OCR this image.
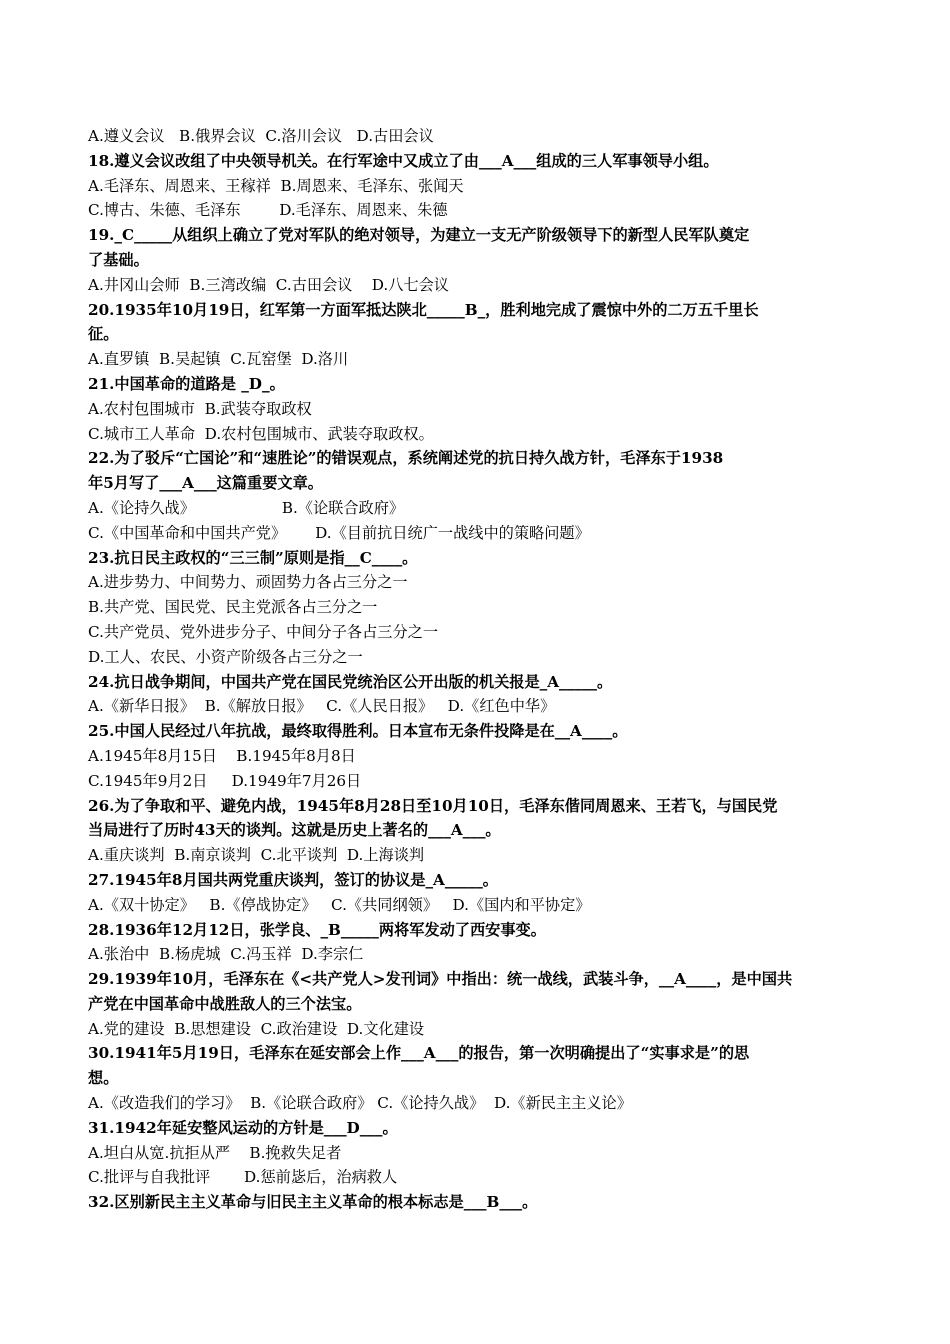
A.遵义会议   B.俄界会议  C.洛川会议   D.古田会议
18.遵义会议改组了中央领导机关。在行军途中又成立了由___A___组成的三人军事领导小组。
A.毛泽东、周恩来、王稼祥  B.周恩来、毛泽东、张闻天
C.博古、朱德、毛泽东        D.毛泽东、周恩来、朱德
19._C_____从组织上确立了党对军队的绝对领导，为建立一支无产阶级领导下的新型人民军队奠定
了基础。
A.井冈山会师  B.三湾改编  C.古田会议    D.八七会议
20.1935年10月19日，红军第一方面军抵达陕北_____B_，胜利地完成了震惊中外的二万五千里长
征。
A.直罗镇  B.吴起镇  C.瓦窑堡  D.洛川
21.中国革命的道路是 _D_。
A.农村包围城市  B.武装夺取政权
C.城市工人革命  D.农村包围城市、武装夺取政权。
22.为了驳斥“亡国论”和“速胜论”的错误观点，系统阐述党的抗日持久战方针，毛泽东于1938
年5月写了___A___这篇重要文章。
A.《论持久战》                  B.《论联合政府》
C.《中国革命和中国共产党》      D.《目前抗日统广一战线中的策略问题》
23.抗日民主政权的“三三制”原则是指__C____。
A.进步势力、中间势力、顽固势力各占三分之一
B.共产党、国民党、民主党派各占三分之一
C.共产党员、党外进步分子、中间分子各占三分之一
D.工人、农民、小资产阶级各占三分之一
24.抗日战争期间，中国共产党在国民党统治区公开出版的机关报是_A_____。
A.《新华日报》  B.《解放日报》   C.《人民日报》   D.《红色中华》
25.中国人民经过八年抗战，最终取得胜利。日本宣布无条件投降是在__A____。
A.1945年8月15日    B.1945年8月8日
C.1945年9月2日     D.1949年7月26日
26.为了争取和平、避免内战，1945年8月28日至10月10日，毛泽东偕同周恩来、王若飞，与国民党
当局进行了历时43天的谈判。这就是历史上著名的___A___。
A.重庆谈判  B.南京谈判  C.北平谈判  D.上海谈判
27.1945年8月国共两党重庆谈判，签订的协议是_A_____。
A.《双十协定》   B.《停战协定》   C.《共同纲领》   D.《国内和平协定》
28.1936年12月12日，张学良、_B_____两将军发动了西安事变。
A.张治中  B.杨虎城  C.冯玉祥  D.李宗仁
29.1939年10月，毛泽东在《<共产党人>发刊词》中指出：统一战线，武装斗争，__A____，是中国共
产党在中国革命中战胜敌人的三个法宝。
A.党的建设  B.思想建设  C.政治建设  D.文化建设
30.1941年5月19日，毛泽东在延安部会上作___A___的报告，第一次明确提出了“实事求是”的思
想。
A.《改造我们的学习》  B.《论联合政府》 C.《论持久战》  D.《新民主主义论》
31.1942年延安整风运动的方针是___D___。
A.坦白从宽.抗拒从严    B.挽救失足者
C.批评与自我批评       D.惩前毖后，治病救人
32.区别新民主主义革命与旧民主主义革命的根本标志是___B___。
